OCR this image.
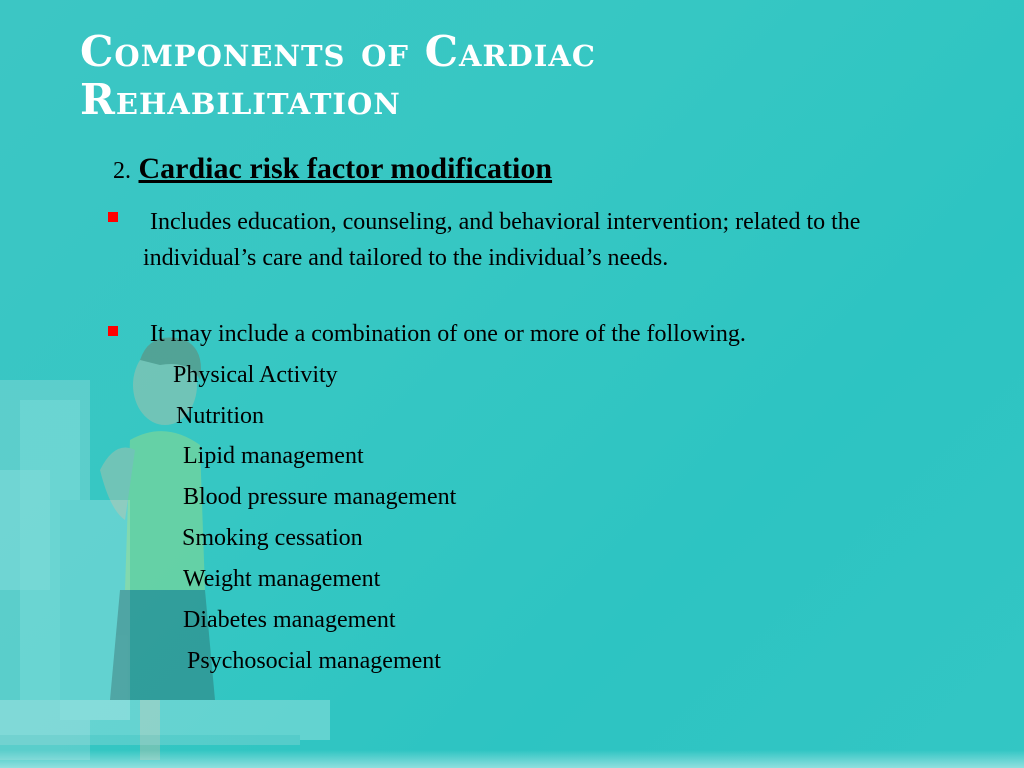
Components of Cardiac Rehabilitation
2. Cardiac risk factor modification

Includes education, counseling, and behavioral intervention; related to the individual’s care and tailored to the individual’s needs.

It may include a combination of one or more of the following.

Physical Activity
Nutrition
Lipid management
Blood pressure management
Smoking cessation
Weight management
Diabetes management
Psychosocial management
